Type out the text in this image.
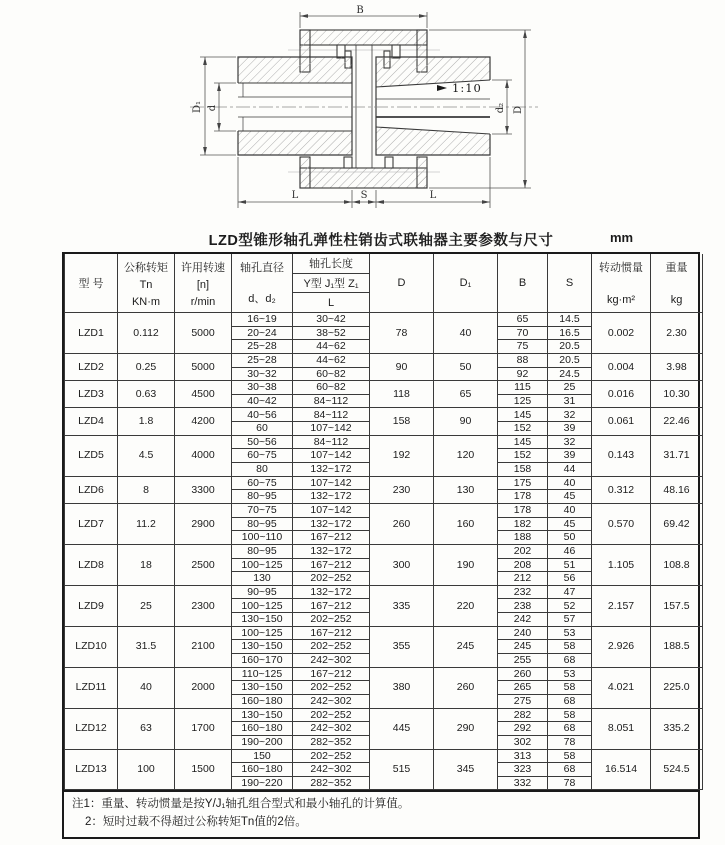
1:10
B
D
d₂
D₁ d
L	S	L
LZD型锥形轴孔弹性柱销齿式联轴器主要参数与尺寸	mm
型 号

公称转矩
Tn
KN·m

许用转速
[n]
r/min

轴孔直径
d、d₂

轴孔长度
Y型 J₁型 Z₁
L

D	D₁	B	S

转动惯量
kg·m²

重量
kg

LZD1	0.112	5000	16~19	30~42	78	40	65	14.5	0.002	2.30
			20~24	38~52			70	16.5		
			25~28	44~62			75	20.5		
LZD2	0.25	5000	25~28	44~62	90	50	88	20.5	0.004	3.98
			30~32	60~82			92	24.5		
LZD3	0.63	4500	30~38	60~82	118	65	115	25	0.016	10.30
			40~42	84~112			125	31		
LZD4	1.8	4200	40~56	84~112	158	90	145	32	0.061	22.46
			60	107~142			152	39		
LZD5	4.5	4000	50~56	84~112	192	120	145	32	0.143	31.71
			60~75	107~142			152	39		
			80	132~172			158	44		
LZD6	8	3300	60~75	107~142	230	130	175	40	0.312	48.16
			80~95	132~172			178	45		
LZD7	11.2	2900	70~75	107~142	260	160	178	40	0.570	69.42
			80~95	132~172			182	45		
			100~110	167~212			188	50		
LZD8	18	2500	80~95	132~172	300	190	202	46	1.105	108.8
			100~125	167~212			208	51		
			130	202~252			212	56		
LZD9	25	2300	90~95	132~172	335	220	232	47	2.157	157.5
			100~125	167~212			238	52		
			130~150	202~252			242	57		
LZD10	31.5	2100	100~125	167~212	355	245	240	53	2.926	188.5
			130~150	202~252			245	58		
			160~170	242~302			255	68		
LZD11	40	2000	110~125	167~212	380	260	260	53	4.021	225.0
			130~150	202~252			265	58		
			160~180	242~302			275	68		
LZD12	63	1700	130~150	202~252	445	290	282	58	8.051	335.2
			160~180	242~302			292	68		
			190~200	282~352			302	78		
LZD13	100	1500	150	202~252	515	345	313	58	16.514	524.5
			160~180	242~302			323	68		
			190~220	282~352			332	78		
注1：重量、转动惯量是按Y/J₁轴孔组合型式和最小轴孔的计算值。
2：短时过载不得超过公称转矩Tn值的2倍。
